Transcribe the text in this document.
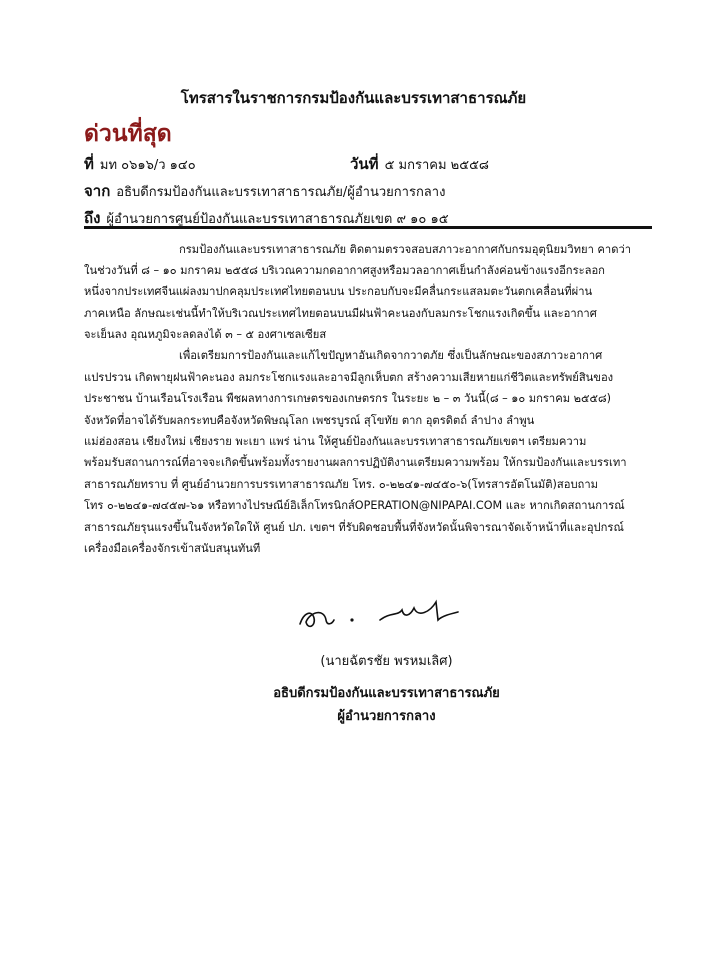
โทรสารในราชการกรมป้องกันและบรรเทาสาธารณภัย
ด่วนที่สุด
ที่ มท ๐๖๑๖/ว ๑๔๐	วันที่ ๕ มกราคม ๒๕๕๘
จาก อธิบดีกรมป้องกันและบรรเทาสาธารณภัย/ผู้อำนวยการกลาง
ถึง ผู้อำนวยการศูนย์ป้องกันและบรรเทาสาธารณภัยเขต ๙ ๑๐ ๑๕
กรมป้องกันและบรรเทาสาธารณภัย ติดตามตรวจสอบสภาวะอากาศกับกรมอุตุนิยมวิทยา คาดว่า
ในช่วงวันที่ ๘ – ๑๐ มกราคม ๒๕๕๘ บริเวณความกดอากาศสูงหรือมวลอากาศเย็นกำลังค่อนข้างแรงอีกระลอก
หนึ่งจากประเทศจีนแผ่ลงมาปกคลุมประเทศไทยตอนบน ประกอบกับจะมีคลื่นกระแสลมตะวันตกเคลื่อนที่ผ่าน
ภาคเหนือ ลักษณะเช่นนี้ทำให้บริเวณประเทศไทยตอนบนมีฝนฟ้าคะนองกับลมกระโชกแรงเกิดขึ้น และอากาศ
จะเย็นลง อุณหภูมิจะลดลงได้ ๓ – ๕ องศาเซลเซียส
เพื่อเตรียมการป้องกันและแก้ไขปัญหาอันเกิดจากวาตภัย ซึ่งเป็นลักษณะของสภาวะอากาศ
แปรปรวน เกิดพายุฝนฟ้าคะนอง ลมกระโชกแรงและอาจมีลูกเห็บตก สร้างความเสียหายแก่ชีวิตและทรัพย์สินของ
ประชาชน บ้านเรือนโรงเรือน พืชผลทางการเกษตรของเกษตรกร ในระยะ ๒ – ๓ วันนี้(๘ – ๑๐ มกราคม ๒๕๕๘)
จังหวัดที่อาจได้รับผลกระทบคือจังหวัดพิษณุโลก เพชรบูรณ์ สุโขทัย ตาก อุตรดิตถ์ ลำปาง ลำพูน
แม่ฮ่องสอน เชียงใหม่ เชียงราย พะเยา แพร่ น่าน ให้ศูนย์ป้องกันและบรรเทาสาธารณภัยเขตฯ เตรียมความ
พร้อมรับสถานการณ์ที่อาจจะเกิดขึ้นพร้อมทั้งรายงานผลการปฏิบัติงานเตรียมความพร้อม ให้กรมป้องกันและบรรเทา
สาธารณภัยทราบ ที่ ศูนย์อำนวยการบรรเทาสาธารณภัย โทร. ๐-๒๒๔๑-๗๔๕๐-๖(โทรสารอัตโนมัติ)สอบถาม
โทร ๐-๒๒๔๑-๗๔๕๗-๖๑ หรือทางไปรษณีย์อิเล็กโทรนิกส์OPERATION@NIPAPAI.COM และ หากเกิดสถานการณ์
สาธารณภัยรุนแรงขึ้นในจังหวัดใดให้ ศูนย์ ปภ. เขตฯ ที่รับผิดชอบพื้นที่จังหวัดนั้นพิจารณาจัดเจ้าหน้าที่และอุปกรณ์
เครื่องมือเครื่องจักรเข้าสนับสนุนทันที
(นายฉัตรชัย พรหมเลิศ)
อธิบดีกรมป้องกันและบรรเทาสาธารณภัย
ผู้อำนวยการกลาง
